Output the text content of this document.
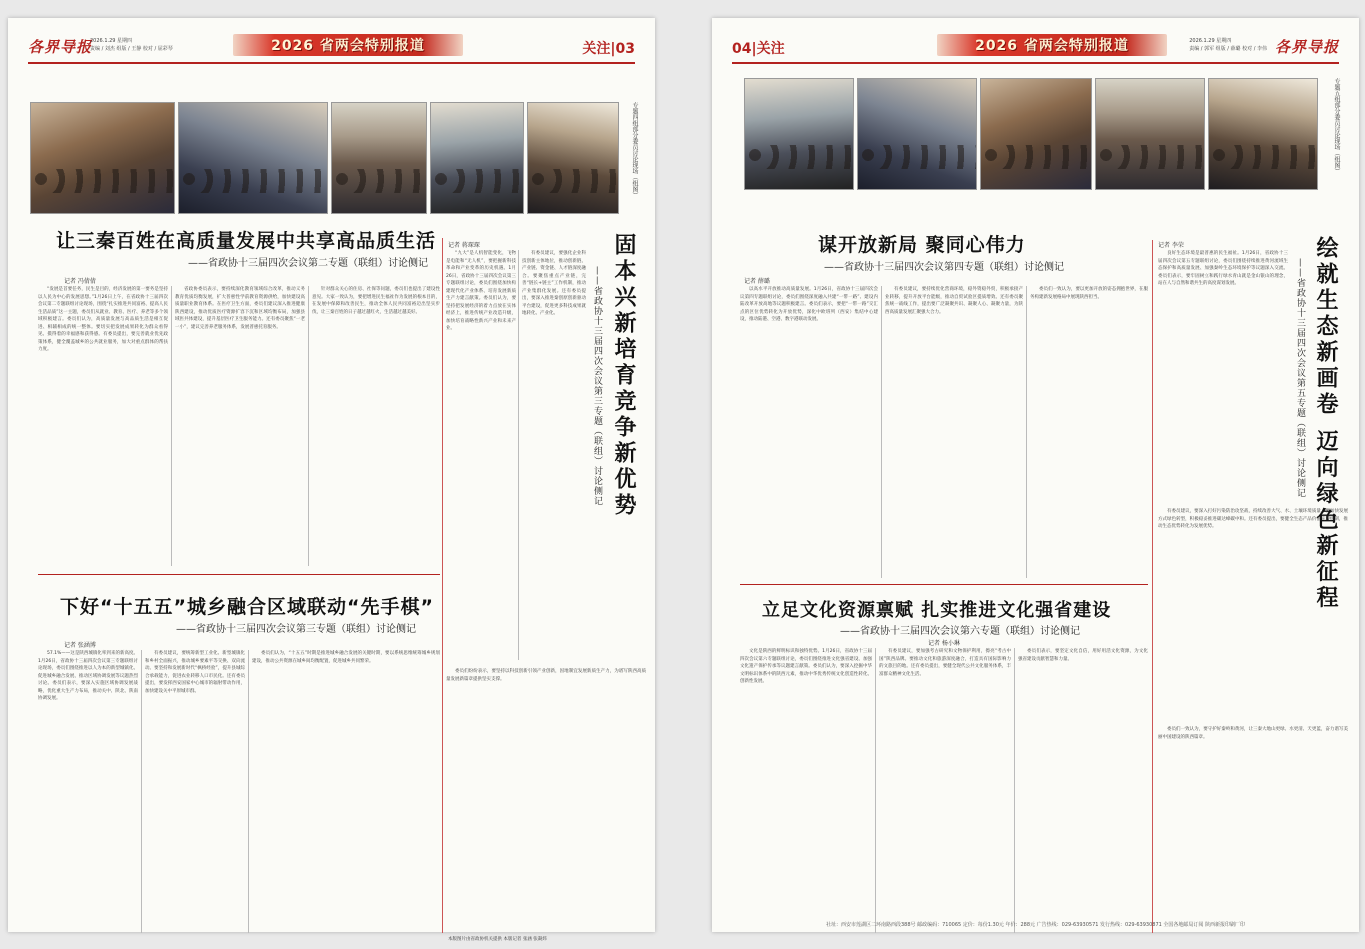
各界导报
2026.1.29 星期四
责编 / 刘杰 组版 / 王静 校对 / 屈彩琴	2026 省两会特别报道	关注|03
专题四组部分委员讨论现场（组图）
让三秦百姓在高质量发展中共享高品质生活
——省政协十三届四次会议第二专题（联组）讨论侧记
记者 冯倩倩

“发展是首要任务，民生是目的，经济发展的第一要务是坚持以人民为中心的发展思想。”1月26日上午，在省政协十三届四次会议第二专题联组讨论现场，围绕“扎实推进共同富裕、提高人民生活品质”这一主题，委员们从就业、教育、医疗、养老等多个领域积极建言。委员们认为，高质量发展与高品质生活是相互促进、相辅相成的统一整体。要切实把发展成果转化为群众看得见、摸得着的幸福感和获得感。有委员提出，要完善就业优先政策体系，健全覆盖城乡的公共就业服务，加大对重点群体的帮扶力度。

省政协委员表示，要持续深化教育领域综合改革，推动义务教育优质均衡发展，扩大普惠性学前教育资源供给，加快建设高质量职业教育体系。在医疗卫生方面，委员们建议深入推进健康陕西建设，推动优质医疗资源扩容下沉和区域均衡布局，加强县域医共体建设，提升基层医疗卫生服务能力。还有委员聚焦“一老一小”，建议完善养老服务体系，发展普惠托育服务。

针对群众关心的住房、社保等问题，委员们也提出了建设性意见。大家一致认为，要把增进民生福祉作为发展的根本目的，在发展中保障和改善民生，推动全体人民共同富裕迈出坚实步伐，让三秦百姓的日子越过越红火，生活越过越美好。	固本兴新培育竞争新优势
——省政协十三届四次会议第三专题（联组）讨论侧记
记者 蒋琛琛

“九大”是人机智能变化，飞物是电能和“无人机”，要把握新科技革命和产业变革的历史机遇。1月26日，省政协十三届四次会议第三专题联组讨论，委员们围绕加快构建现代化产业体系、培育发展新质生产力建言献策。委员们认为，要坚持把发展经济的着力点放在实体经济上，推进传统产业改造升级，加快培育战略性新兴产业和未来产业。

有委员建议，要强化企业科技创新主体地位，推动创新链、产业链、资金链、人才链深度融合。要聚焦重点产业链，完善“链长+链主”工作机制，推动产业集群化发展。还有委员提出，要深入推进秦创原创新驱动平台建设，促进更多科技成果就地转化、产业化。

委员们纷纷表示，要坚持以科技创新引领产业创新，因地制宜发展新质生产力，为谱写陕西高质量发展新篇章提供坚实支撑。

本版图片由省政协机关提供 本版记者 张涵 张凝炜
下好“十五五”城乡融合区域联动“先手棋”
——省政协十三届四次会议第三专题（联组）讨论侧记
记者 张涵博

57.1%——这是陕西城镇化率到来的新高度。1月26日，省政协十三届四次会议第三专题联组讨论现场，委员们围绕推进以人为本的新型城镇化、促进城乡融合发展、推动区域协调发展等议题热烈讨论。委员们表示，要深入实施区域协调发展战略，优化重大生产力布局，推动关中、陕北、陕南协调发展。

有委员建议，要统筹新型工业化、新型城镇化和乡村全面振兴，推动城乡要素平等交换、双向流动。要坚持和发展新时代“枫桥经验”，提升县城综合承载能力，促进农业转移人口市民化。还有委员提出，要发挥西安国家中心城市的辐射带动作用，加快建设关中平原城市群。

委员们认为，“十五五”时期是推进城乡融合发展的关键时期，要以系统思维统筹城乡规划建设，推动公共资源在城乡间均衡配置，促进城乡共同繁荣。

04|关注	2026 省两会特别报道	2026.1.29 星期四
责编 / 郭军 组版 / 薛璐 校对 / 李伟 各界导报
专题五组部分委员讨论现场（组图）
谋开放新局 聚同心伟力
——省政协十三届四次会议第四专题（联组）讨论侧记
记者 薛璐

以高水平开放推动高质量发展。1月26日，省政协十三届四次会议第四专题联组讨论，委员们围绕深度融入共建“一带一路”、建设内陆改革开放高地等议题积极建言。委员们表示，要把“一带一路”交汇点的区位优势转化为开放优势，深化中欧班列（西安）集结中心建设，推动陆港、空港、数字港联动发展。

有委员建议，要持续优化营商环境，稳外资稳外贸，积极承接产业转移，提升开放平台能级，推动自贸试验区提质增效。还有委员聚焦统一战线工作，提出要广泛凝聚共识、凝聚人心、凝聚力量，为陕西高质量发展汇聚强大合力。

委员们一致认为，要以更加开放的姿态拥抱世界，在服务构建新发展格局中展现陕西担当。

立足文化资源禀赋 扎实推进文化强省建设
——省政协十三届四次会议第六专题（联组）讨论侧记
记者 杨小琳

文化是陕西的鲜明标识和独特优势。1月26日，省政协十三届四次会议第六专题联组讨论，委员们围绕推进文化强省建设、加强文化遗产保护传承等议题建言献策。委员们认为，要深入挖掘中华文明标识体系中的陕西元素，推动中华优秀传统文化创造性转化、创新性发展。

有委员建议，要加强考古研究和文物保护利用，擦亮“考古中国”陕西品牌。要推动文化和旅游深度融合，打造具有国际影响力的文旅目的地。还有委员提出，要健全现代公共文化服务体系，丰富群众精神文化生活。

委员们表示，要坚定文化自信，用好用活文化资源，为文化强省建设贡献智慧和力量。

绘就生态新画卷 迈向绿色新征程
——省政协十三届四次会议第五专题（联组）讨论侧记
记者 李荣

良好生态环境是最普惠的民生福祉。1月26日，省政协十三届四次会议第五专题联组讨论，委员们围绕持续推进黄河流域生态保护和高质量发展、加强秦岭生态环境保护等议题深入交流。委员们表示，要牢固树立和践行绿水青山就是金山银山的理念，站在人与自然和谐共生的高度谋划发展。

有委员建议，要深入打好污染防治攻坚战，持续改善大气、水、土壤环境质量。要加快发展方式绿色转型，积极稳妥推进碳达峰碳中和。还有委员提出，要健全生态产品价值实现机制，推动生态优势转化为发展优势。

委员们一致认为，要守护好秦岭和黄河，让三秦大地山更绿、水更清、天更蓝，奋力谱写美丽中国建设的陕西篇章。

社址：西安市莲湖区二环南路西段388号 邮政编码：710065 定价：每份1.30元 年价：288元 广告热线：029-63930571 发行热线：029-63930871 全国各地邮局订阅 陕西新报印刷厂印
